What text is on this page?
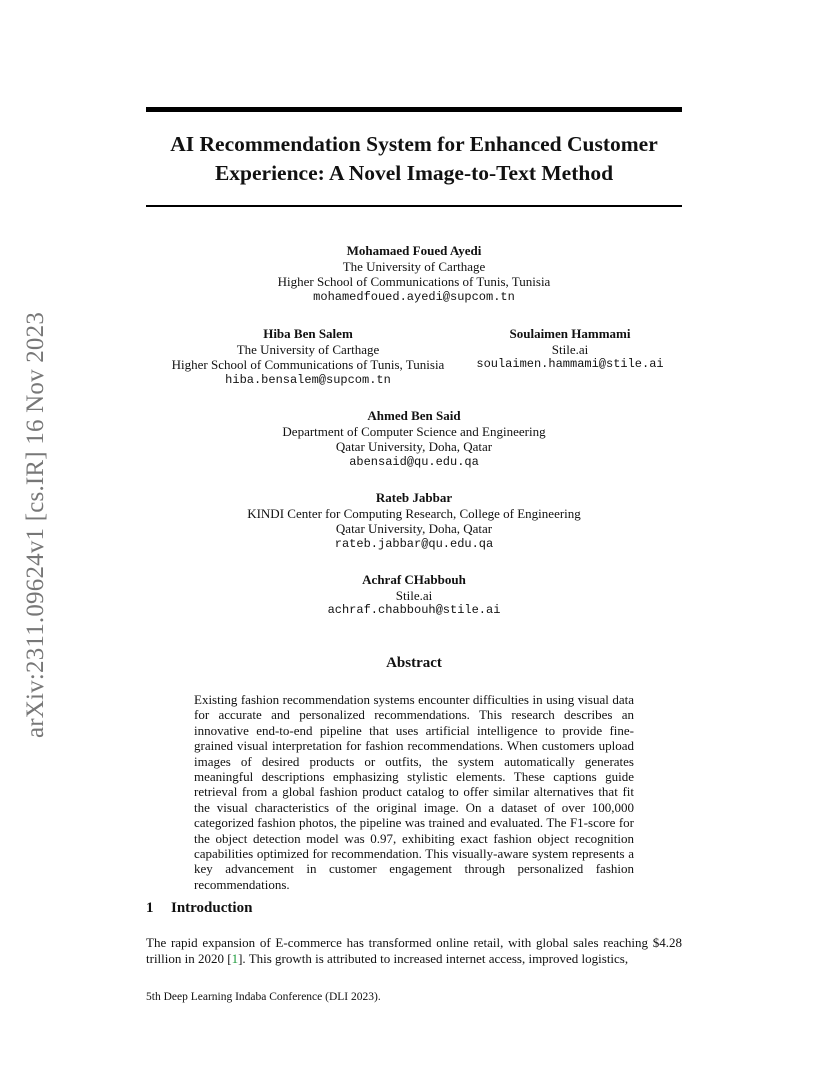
arXiv:2311.09624v1 [cs.IR] 16 Nov 2023
AI Recommendation System for Enhanced Customer
Experience: A Novel Image-to-Text Method
Mohamaed Foued Ayedi
The University of Carthage
Higher School of Communications of Tunis, Tunisia
mohamedfoued.ayedi@supcom.tn
Hiba Ben Salem
The University of Carthage
Higher School of Communications of Tunis, Tunisia
hiba.bensalem@supcom.tn
Soulaimen Hammami
Stile.ai
soulaimen.hammami@stile.ai
Ahmed Ben Said
Department of Computer Science and Engineering
Qatar University, Doha, Qatar
abensaid@qu.edu.qa
Rateb Jabbar
KINDI Center for Computing Research, College of Engineering
Qatar University, Doha, Qatar
rateb.jabbar@qu.edu.qa
Achraf CHabbouh
Stile.ai
achraf.chabbouh@stile.ai
Abstract
Existing fashion recommendation systems encounter difficulties in using visual data for accurate and personalized recommendations. This research describes an innovative end-to-end pipeline that uses artificial intelligence to provide fine-grained visual interpretation for fashion recommendations. When customers upload images of desired products or outfits, the system automatically generates meaningful descriptions emphasizing stylistic elements. These captions guide retrieval from a global fashion product catalog to offer similar alternatives that fit the visual characteristics of the original image. On a dataset of over 100,000 categorized fashion photos, the pipeline was trained and evaluated. The F1-score for the object detection model was 0.97, exhibiting exact fashion object recognition capabilities optimized for recommendation. This visually-aware system represents a key advancement in customer engagement through personalized fashion recommendations.
1 Introduction
The rapid expansion of E-commerce has transformed online retail, with global sales reaching $4.28 trillion in 2020 [1]. This growth is attributed to increased internet access, improved logistics,
5th Deep Learning Indaba Conference (DLI 2023).
